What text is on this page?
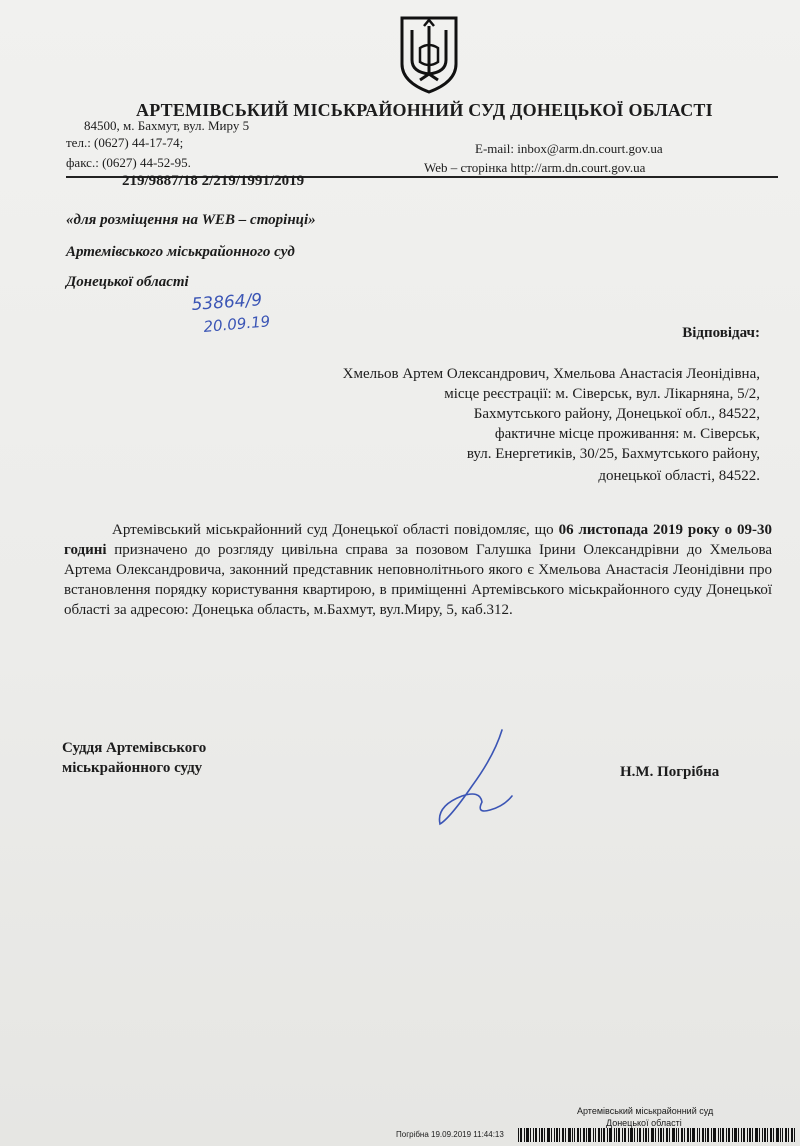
АРТЕМІВСЬКИЙ МІСЬКРАЙОННИЙ СУД ДОНЕЦЬКОЇ ОБЛАСТІ
84500, м. Бахмут, вул. Миру 5
тел.: (0627) 44-17-74;
факс.: (0627) 44-52-95.
E-mail: inbox@arm.dn.court.gov.ua
Web – сторінка http://arm.dn.court.gov.ua
219/9887/18 2/219/1991/2019
«для розміщення на WEB – сторінці»
Артемівського міськрайонного суд
Донецької області
53864/9
20.09.19	Відповідач:
Хмельов Артем Олександрович, Хмельова Анастасія Леонідівна,
місце реєстрації: м. Сіверськ, вул. Лікарняна, 5/2,
Бахмутського району, Донецької обл., 84522,
фактичне місце проживання: м. Сіверськ,
вул. Енергетиків, 30/25, Бахмутського району,
донецької області, 84522.
Артемівський міськрайонний суд Донецької області повідомляє, що 06 листопада 2019 року о 09-30 годині призначено до розгляду цивільна справа за позовом Галушка Ірини Олександрівни до Хмельова Артема Олександровича, законний представник неповнолітнього якого є Хмельова Анастасія Леонідівни про встановлення порядку користування квартирою, в приміщенні Артемівського міськрайонного суду Донецької області за адресою: Донецька область, м.Бахмут, вул.Миру, 5, каб.312.
Суддя Артемівського міськрайонного суду	Н.М. Погрібна
Артемівський міськрайонний суд
Донецької області
Погрібна 19.09.2019 11:44:13
